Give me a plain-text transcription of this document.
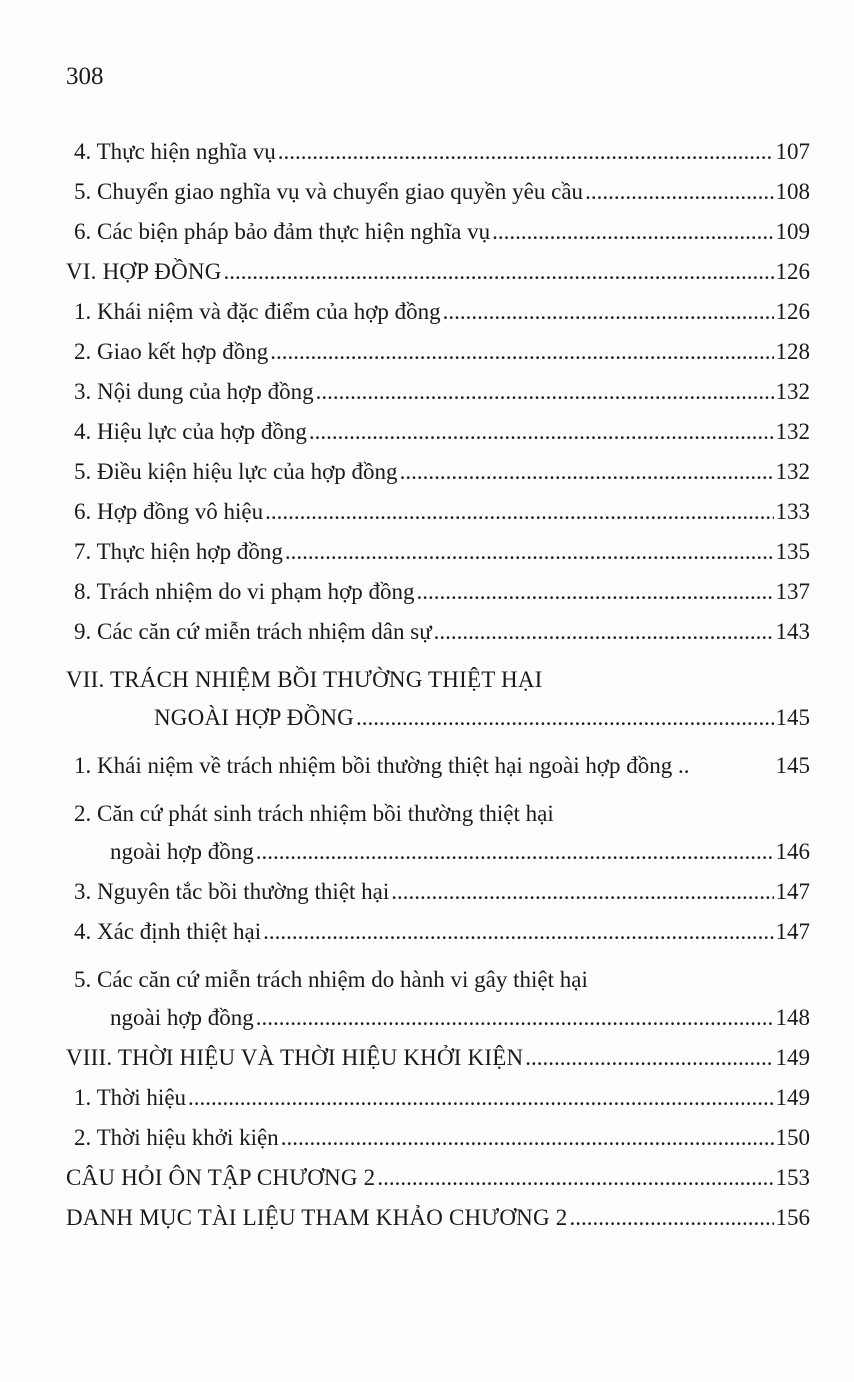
308
4. Thực hiện nghĩa vụ .....	107
5. Chuyển giao nghĩa vụ và chuyển giao quyền yêu cầu .....	108
6. Các biện pháp bảo đảm thực hiện nghĩa vụ .....	109
VI. HỢP ĐỒNG .....	126
1. Khái niệm và đặc điểm của hợp đồng .....	126
2. Giao kết hợp đồng .....	128
3. Nội dung của hợp đồng .....	132
4. Hiệu lực của hợp đồng .....	132
5. Điều kiện hiệu lực của hợp đồng .....	132
6. Hợp đồng vô hiệu .....	133
7. Thực hiện hợp đồng .....	135
8. Trách nhiệm do vi phạm hợp đồng .....	137
9. Các căn cứ miễn trách nhiệm dân sự .....	143
VII. TRÁCH NHIỆM BỒI THƯỜNG THIỆT HẠI
NGOÀI HỢP ĐỒNG .....	145
1. Khái niệm về trách nhiệm bồi thường thiệt hại ngoài hợp đồng ..	145
2. Căn cứ phát sinh trách nhiệm bồi thường thiệt hại
ngoài hợp đồng .....	146
3. Nguyên tắc bồi thường thiệt hại .....	147
4. Xác định thiệt hại .....	147
5. Các căn cứ miễn trách nhiệm do hành vi gây thiệt hại
ngoài hợp đồng .....	148
VIII. THỜI HIỆU VÀ THỜI HIỆU KHỞI KIỆN .....	149
1. Thời hiệu .....	149
2. Thời hiệu khởi kiện .....	150
CÂU HỎI ÔN TẬP CHƯƠNG 2 .....	153
DANH MỤC TÀI LIỆU THAM KHẢO CHƯƠNG 2 .....	156
